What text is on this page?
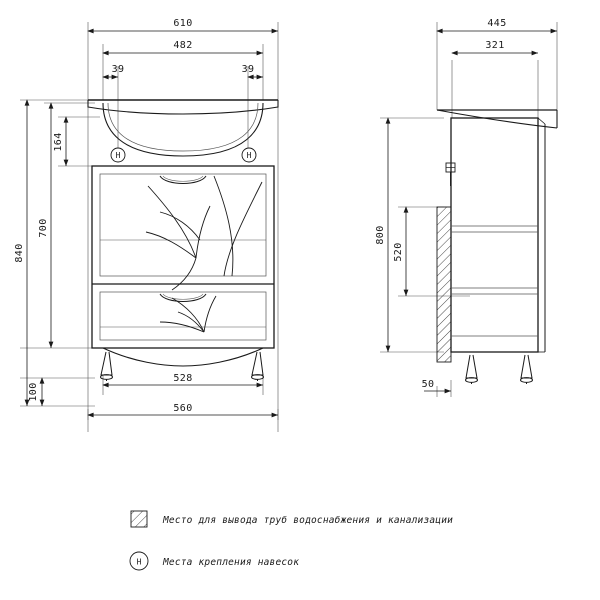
610
482
39	39
840
700
164
100
528
560
H	H
445
321
800
520
50
Место для вывода труб водоснабжения и канализации
H Места крепления навесок
